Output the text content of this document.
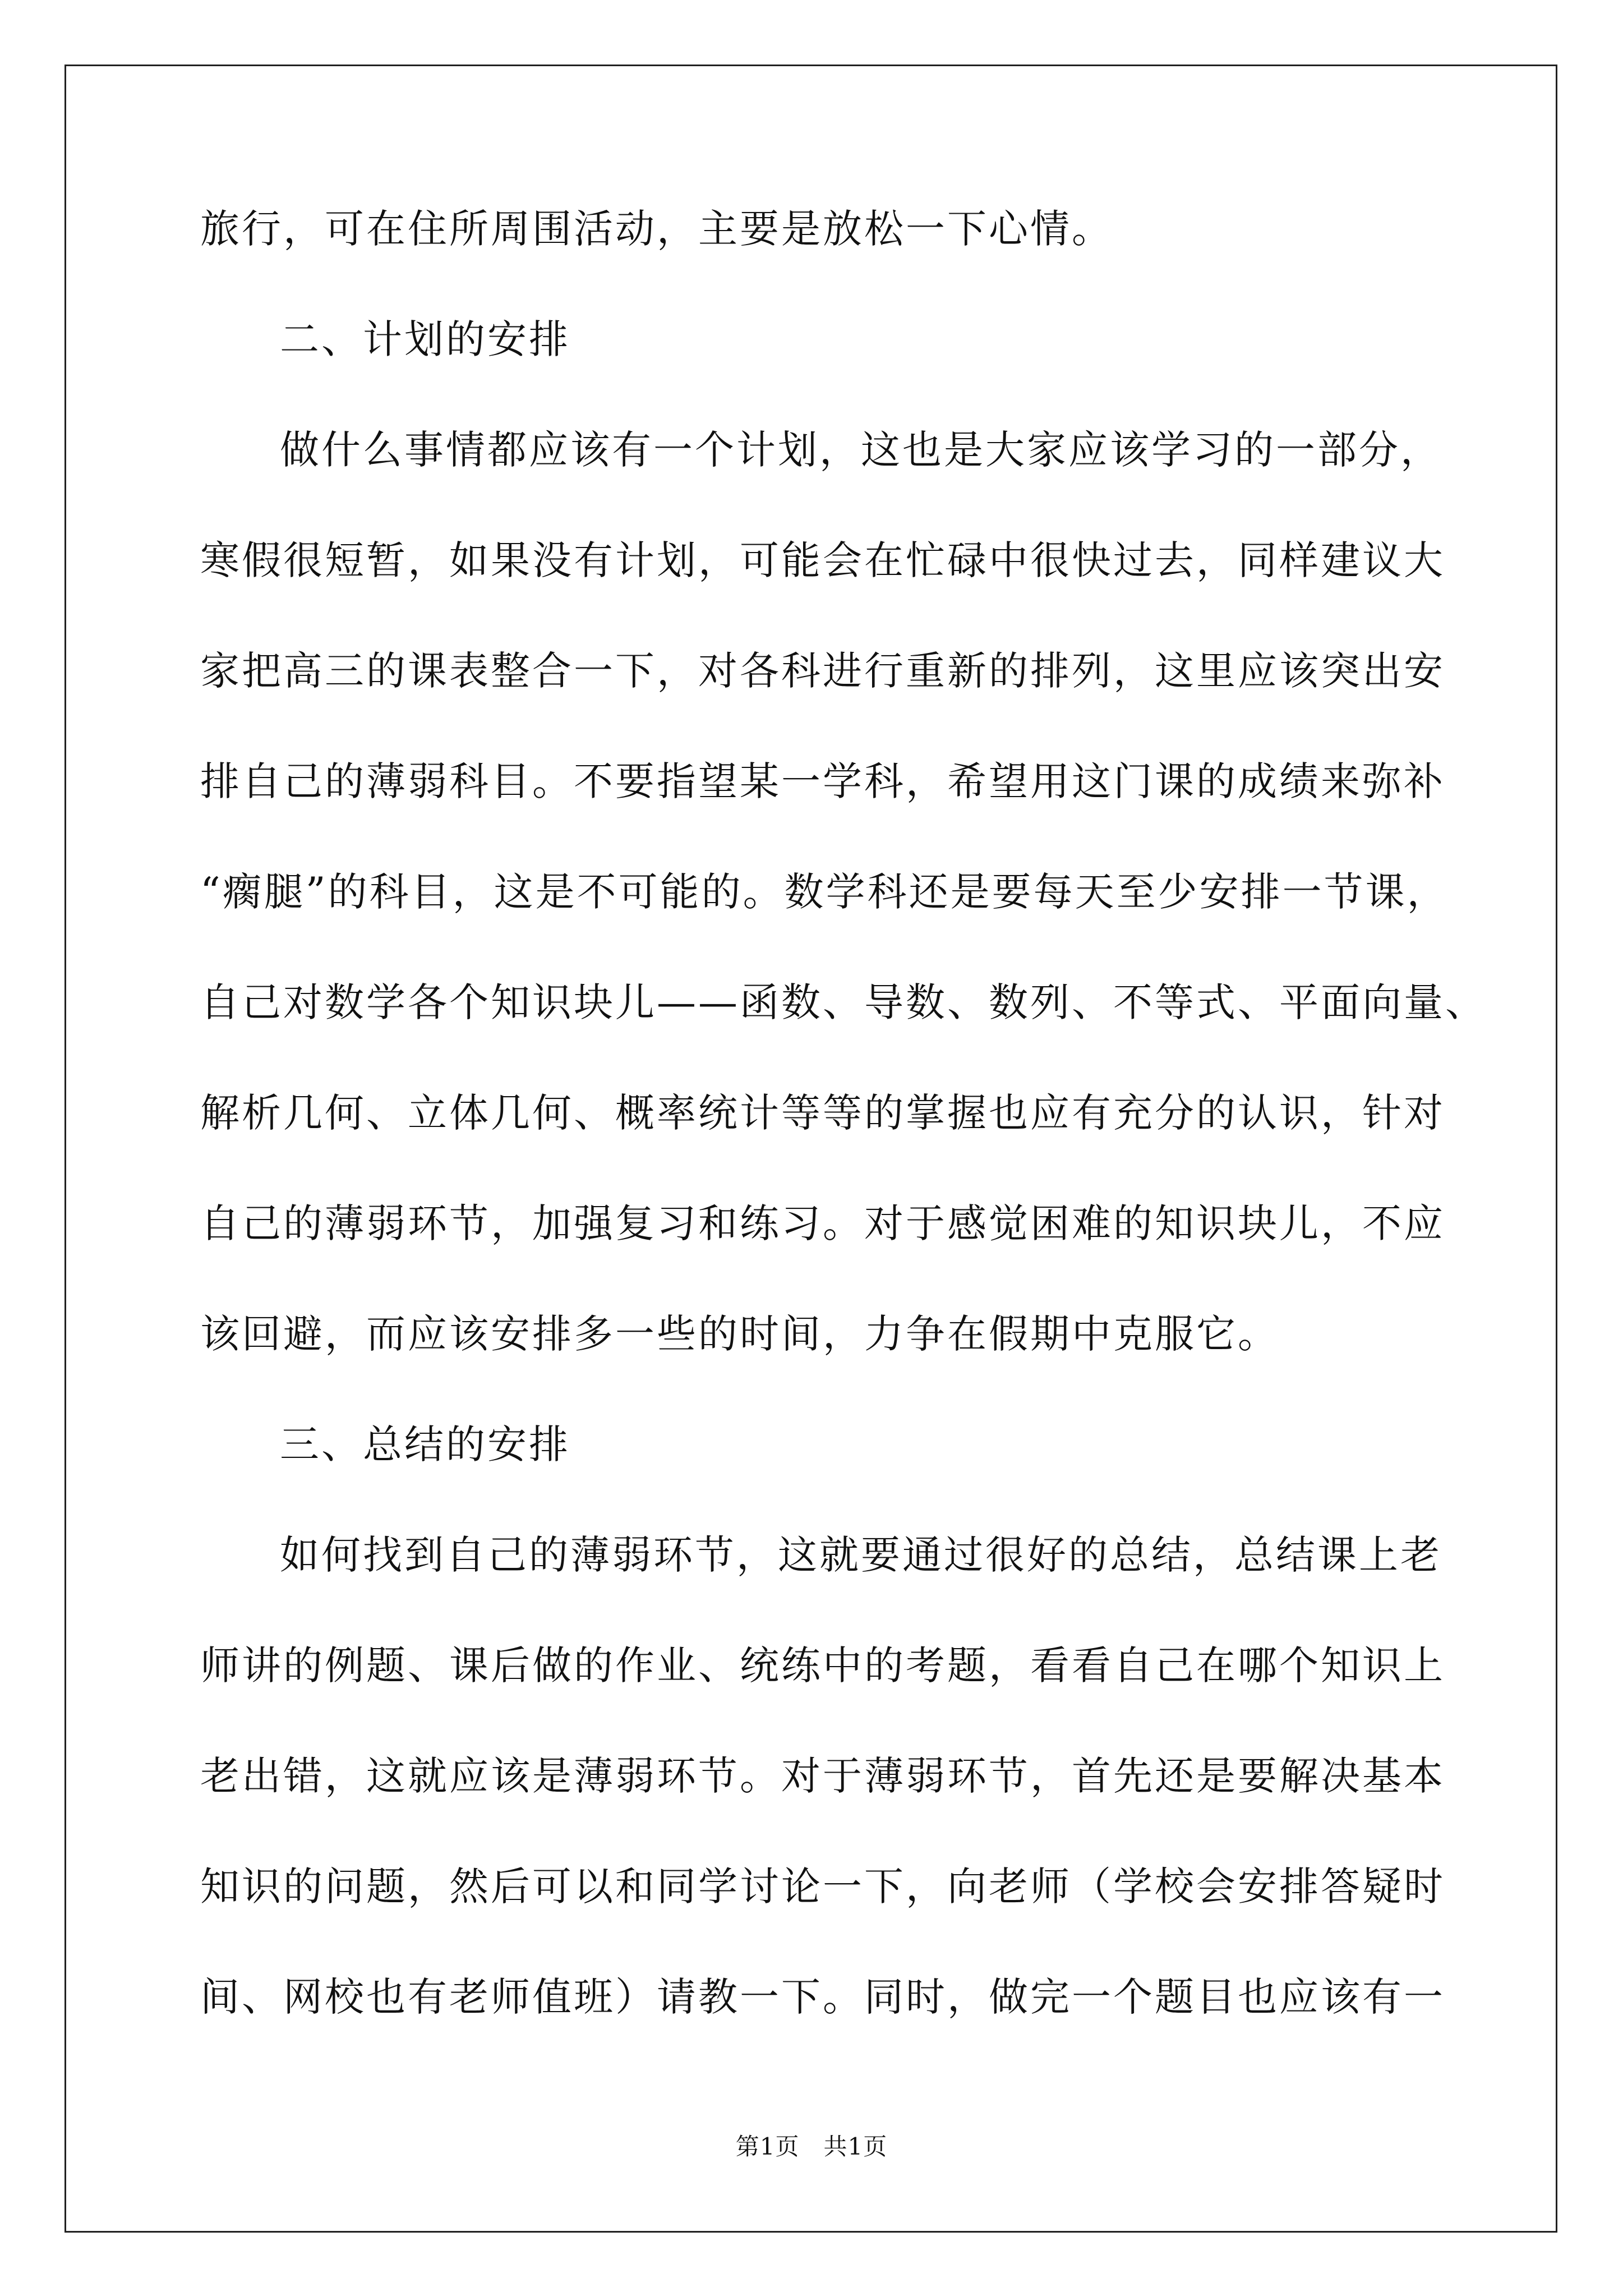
旅行，可在住所周围活动，主要是放松一下心情。
二、计划的安排
做什么事情都应该有一个计划，这也是大家应该学习的一部分，
寒假很短暂，如果没有计划，可能会在忙碌中很快过去，同样建议大
家把高三的课表整合一下，对各科进行重新的排列，这里应该突出安
排自己的薄弱科目。不要指望某一学科，希望用这门课的成绩来弥补
“瘸腿”的科目，这是不可能的。数学科还是要每天至少安排一节课，
自己对数学各个知识块儿——函数、导数、数列、不等式、平面向量、
解析几何、立体几何、概率统计等等的掌握也应有充分的认识，针对
自己的薄弱环节，加强复习和练习。对于感觉困难的知识块儿，不应
该回避，而应该安排多一些的时间，力争在假期中克服它。
三、总结的安排
如何找到自己的薄弱环节，这就要通过很好的总结，总结课上老
师讲的例题、课后做的作业、统练中的考题，看看自己在哪个知识上
老出错，这就应该是薄弱环节。对于薄弱环节，首先还是要解决基本
知识的问题，然后可以和同学讨论一下，向老师（学校会安排答疑时
间、网校也有老师值班）请教一下。同时，做完一个题目也应该有一
第1页   共1页
